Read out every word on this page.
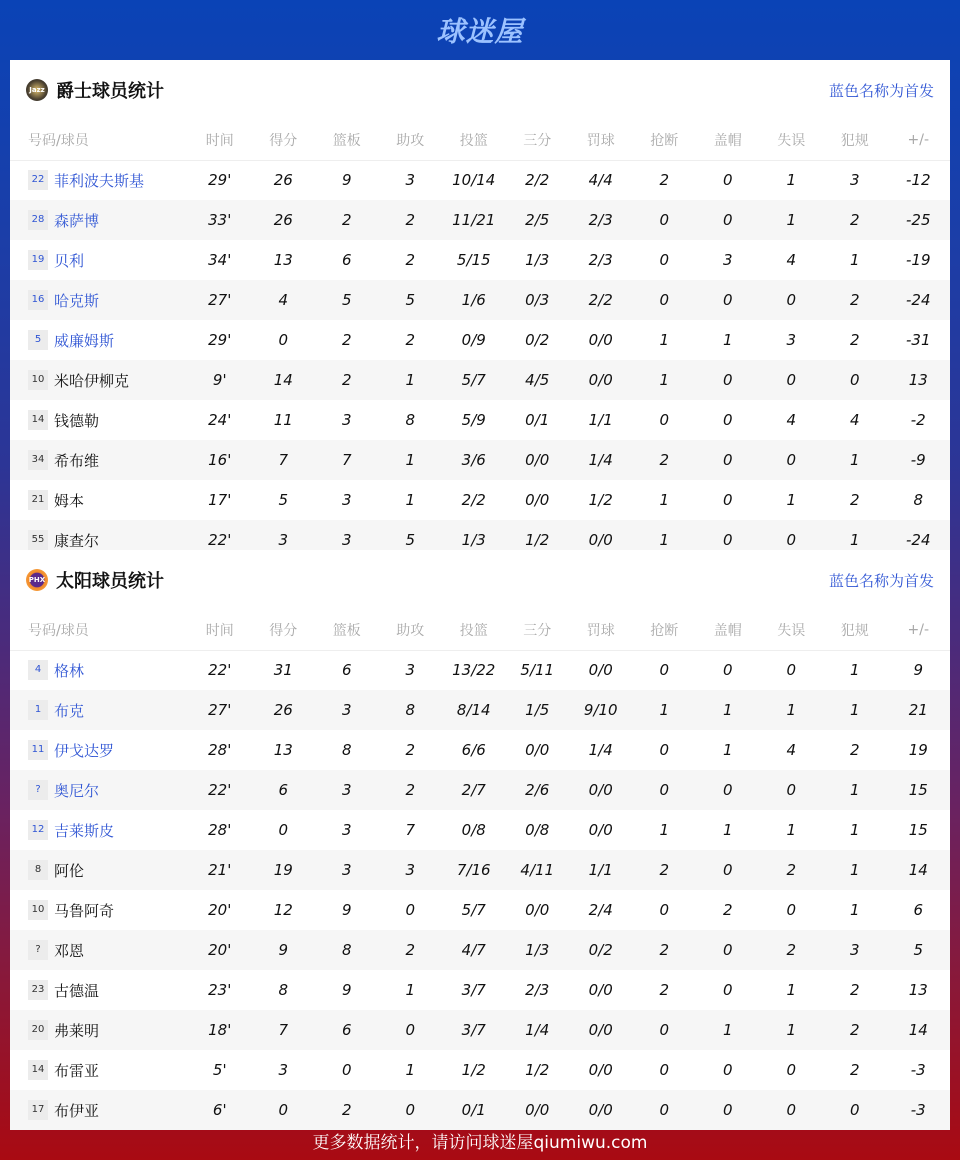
球迷屋
Jazz 爵士球员统计	蓝色名称为首发
号码/球员	时间	得分	篮板	助攻	投篮	三分	罚球	抢断	盖帽	失误	犯规	+/-
22 菲利波夫斯基	29'	26	9	3	10/14	2/2	4/4	2	0	1	3	-12
28 森萨博	33'	26	2	2	11/21	2/5	2/3	0	0	1	2	-25
19 贝利	34'	13	6	2	5/15	1/3	2/3	0	3	4	1	-19
16 哈克斯	27'	4	5	5	1/6	0/3	2/2	0	0	0	2	-24
5 威廉姆斯	29'	0	2	2	0/9	0/2	0/0	1	1	3	2	-31
10 米哈伊柳克	9'	14	2	1	5/7	4/5	0/0	1	0	0	0	13
14 钱德勒	24'	11	3	8	5/9	0/1	1/1	0	0	4	4	-2
34 希布维	16'	7	7	1	3/6	0/0	1/4	2	0	0	1	-9
21 姆本	17'	5	3	1	2/2	0/0	1/2	1	0	1	2	8
55 康查尔	22'	3	3	5	1/3	1/2	0/0	1	0	0	1	-24
PHX 太阳球员统计	蓝色名称为首发
号码/球员	时间	得分	篮板	助攻	投篮	三分	罚球	抢断	盖帽	失误	犯规	+/-
4 格林	22'	31	6	3	13/22	5/11	0/0	0	0	0	1	9
1 布克	27'	26	3	8	8/14	1/5	9/10	1	1	1	1	21
11 伊戈达罗	28'	13	8	2	6/6	0/0	1/4	0	1	4	2	19
? 奥尼尔	22'	6	3	2	2/7	2/6	0/0	0	0	0	1	15
12 吉莱斯皮	28'	0	3	7	0/8	0/8	0/0	1	1	1	1	15
8 阿伦	21'	19	3	3	7/16	4/11	1/1	2	0	2	1	14
10 马鲁阿奇	20'	12	9	0	5/7	0/0	2/4	0	2	0	1	6
? 邓恩	20'	9	8	2	4/7	1/3	0/2	2	0	2	3	5
23 古德温	23'	8	9	1	3/7	2/3	0/0	2	0	1	2	13
20 弗莱明	18'	7	6	0	3/7	1/4	0/0	0	1	1	2	14
14 布雷亚	5'	3	0	1	1/2	1/2	0/0	0	0	0	2	-3
17 布伊亚	6'	0	2	0	0/1	0/0	0/0	0	0	0	0	-3
更多数据统计，请访问球迷屋qiumiwu.com
